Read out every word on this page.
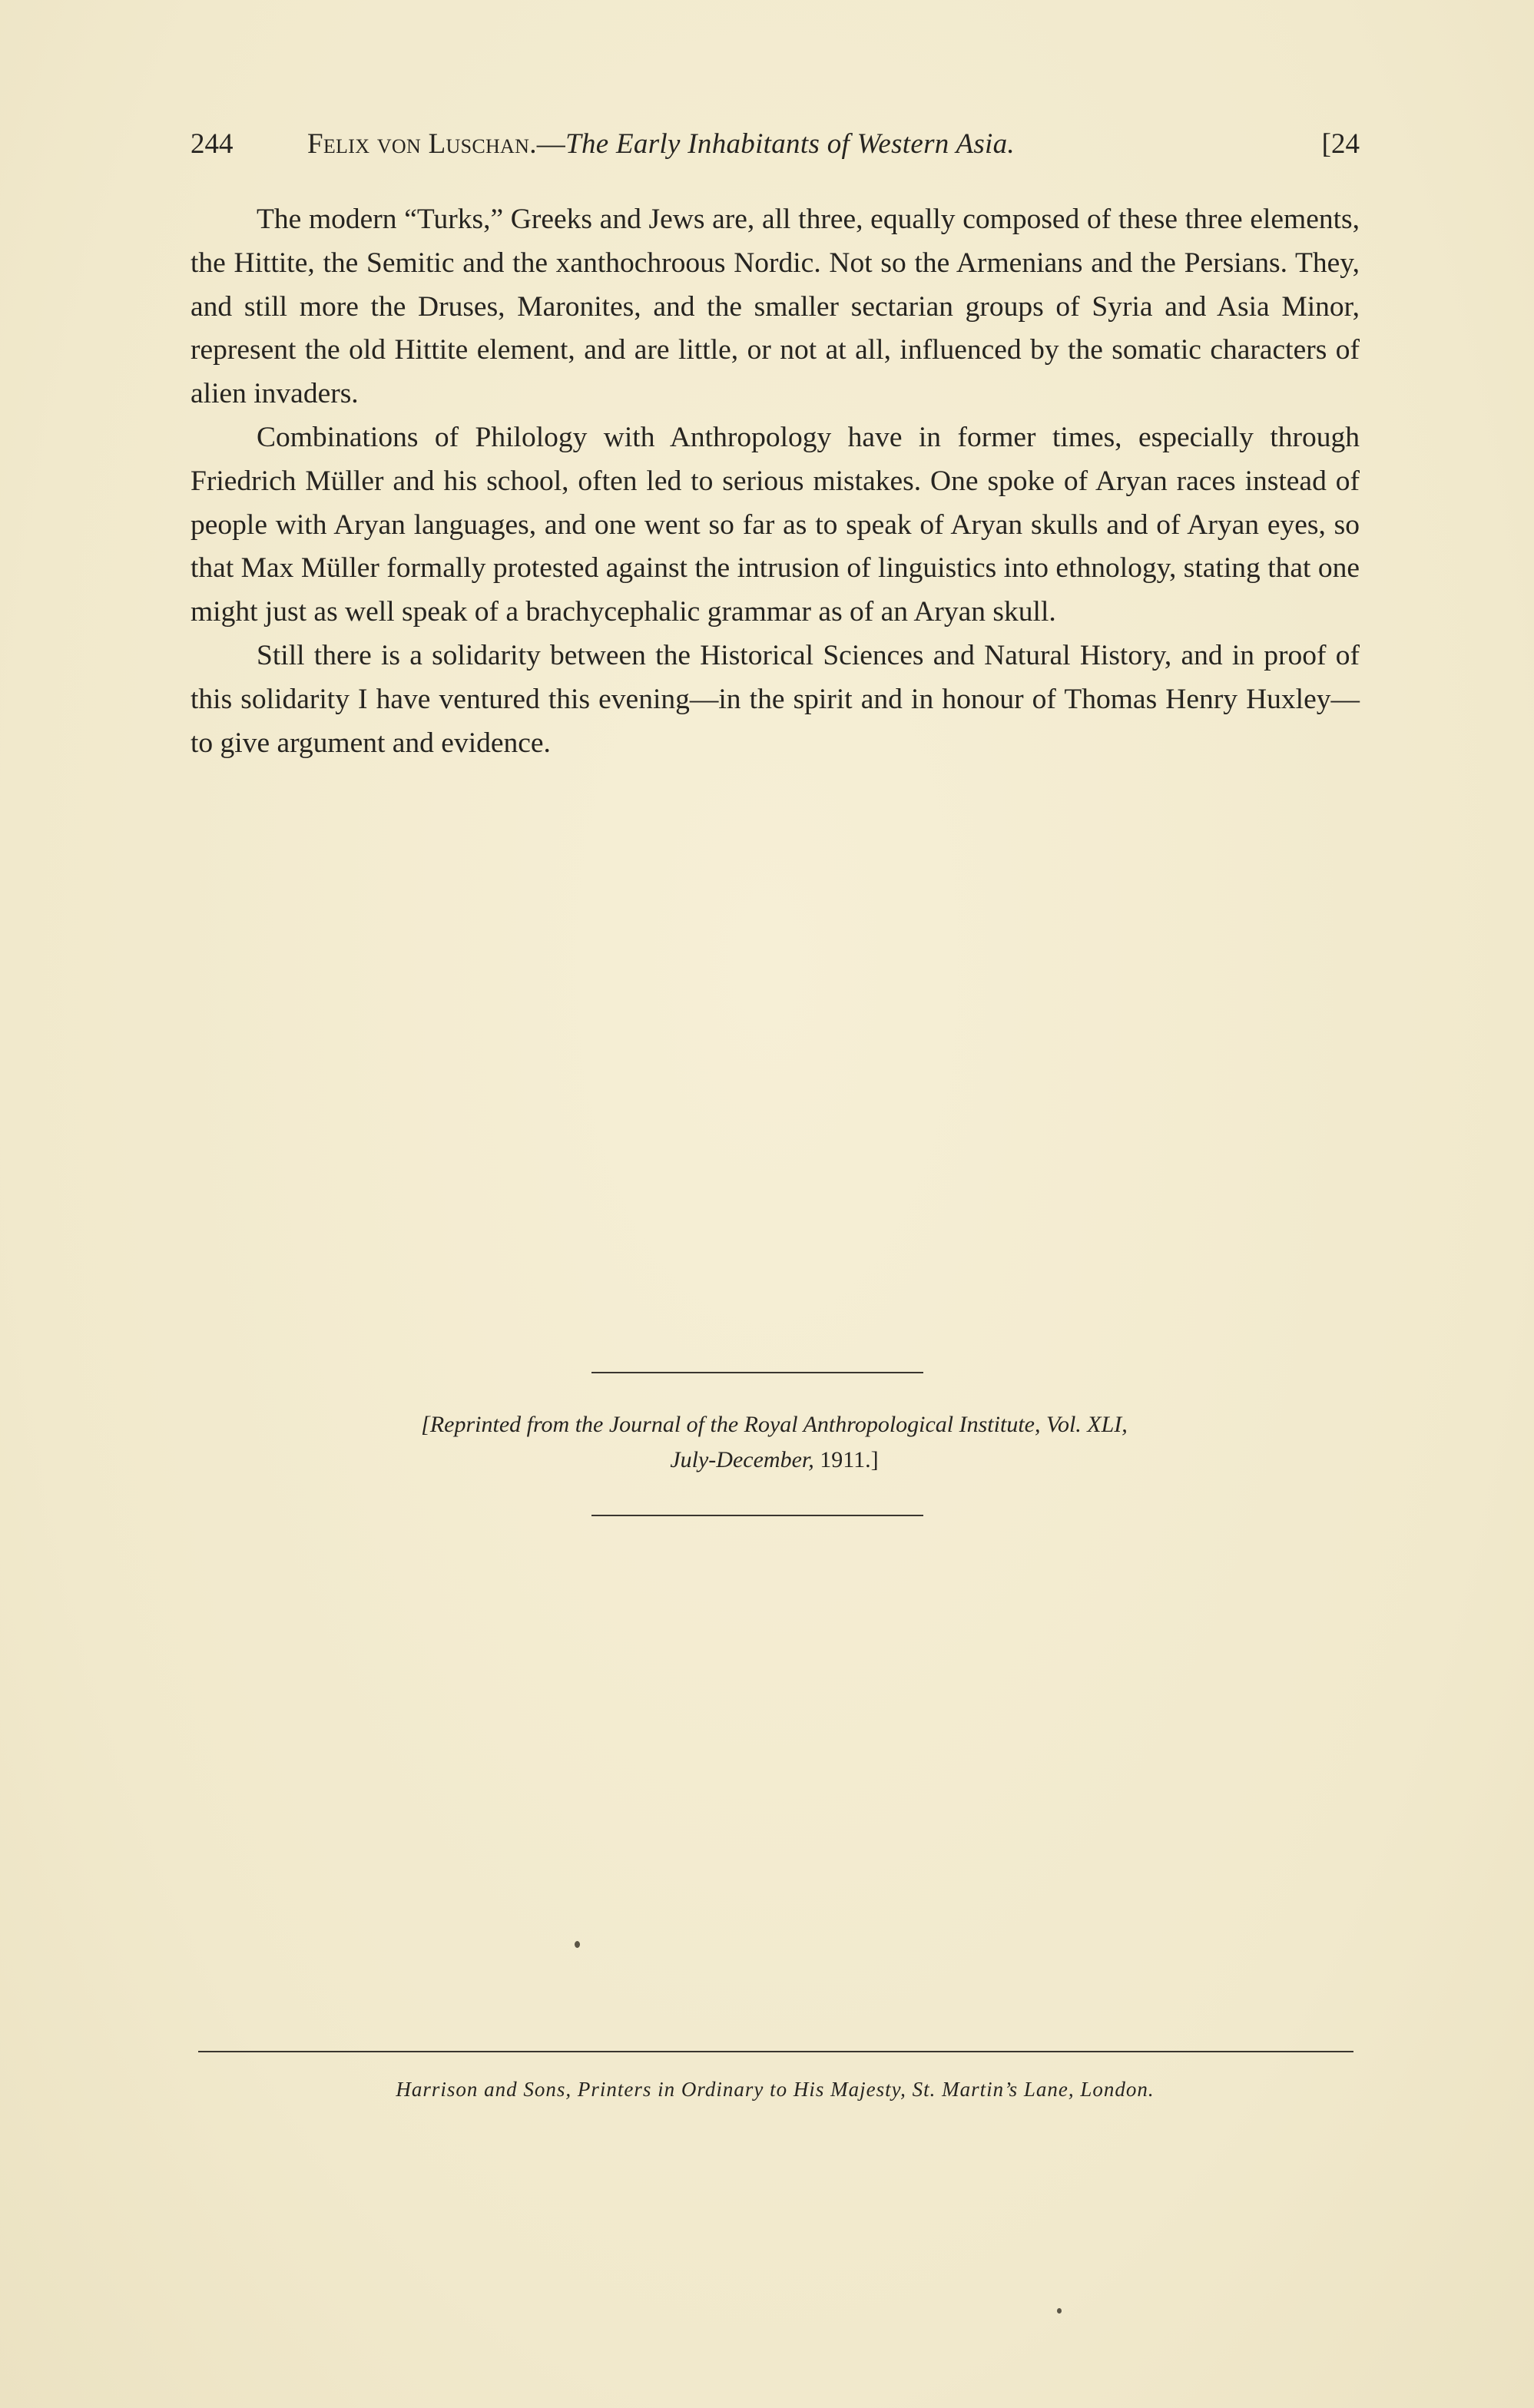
244	Felix von Luschan.—The Early Inhabitants of Western Asia.	[24

The modern “Turks,” Greeks and Jews are, all three, equally composed of these three elements, the Hittite, the Semitic and the xanthochroous Nordic. Not so the Armenians and the Persians. They, and still more the Druses, Maronites, and the smaller sectarian groups of Syria and Asia Minor, represent the old Hittite element, and are little, or not at all, influenced by the somatic characters of alien invaders.

Combinations of Philology with Anthropology have in former times, especially through Friedrich Müller and his school, often led to serious mistakes. One spoke of Aryan races instead of people with Aryan languages, and one went so far as to speak of Aryan skulls and of Aryan eyes, so that Max Müller formally protested against the intrusion of linguistics into ethnology, stating that one might just as well speak of a brachycephalic grammar as of an Aryan skull.

Still there is a solidarity between the Historical Sciences and Natural History, and in proof of this solidarity I have ventured this evening—in the spirit and in honour of Thomas Henry Huxley—to give argument and evidence.

[Reprinted from the Journal of the Royal Anthropological Institute, Vol. XLI,
July-December, 1911.]
Harrison and Sons, Printers in Ordinary to His Majesty, St. Martin’s Lane, London.
